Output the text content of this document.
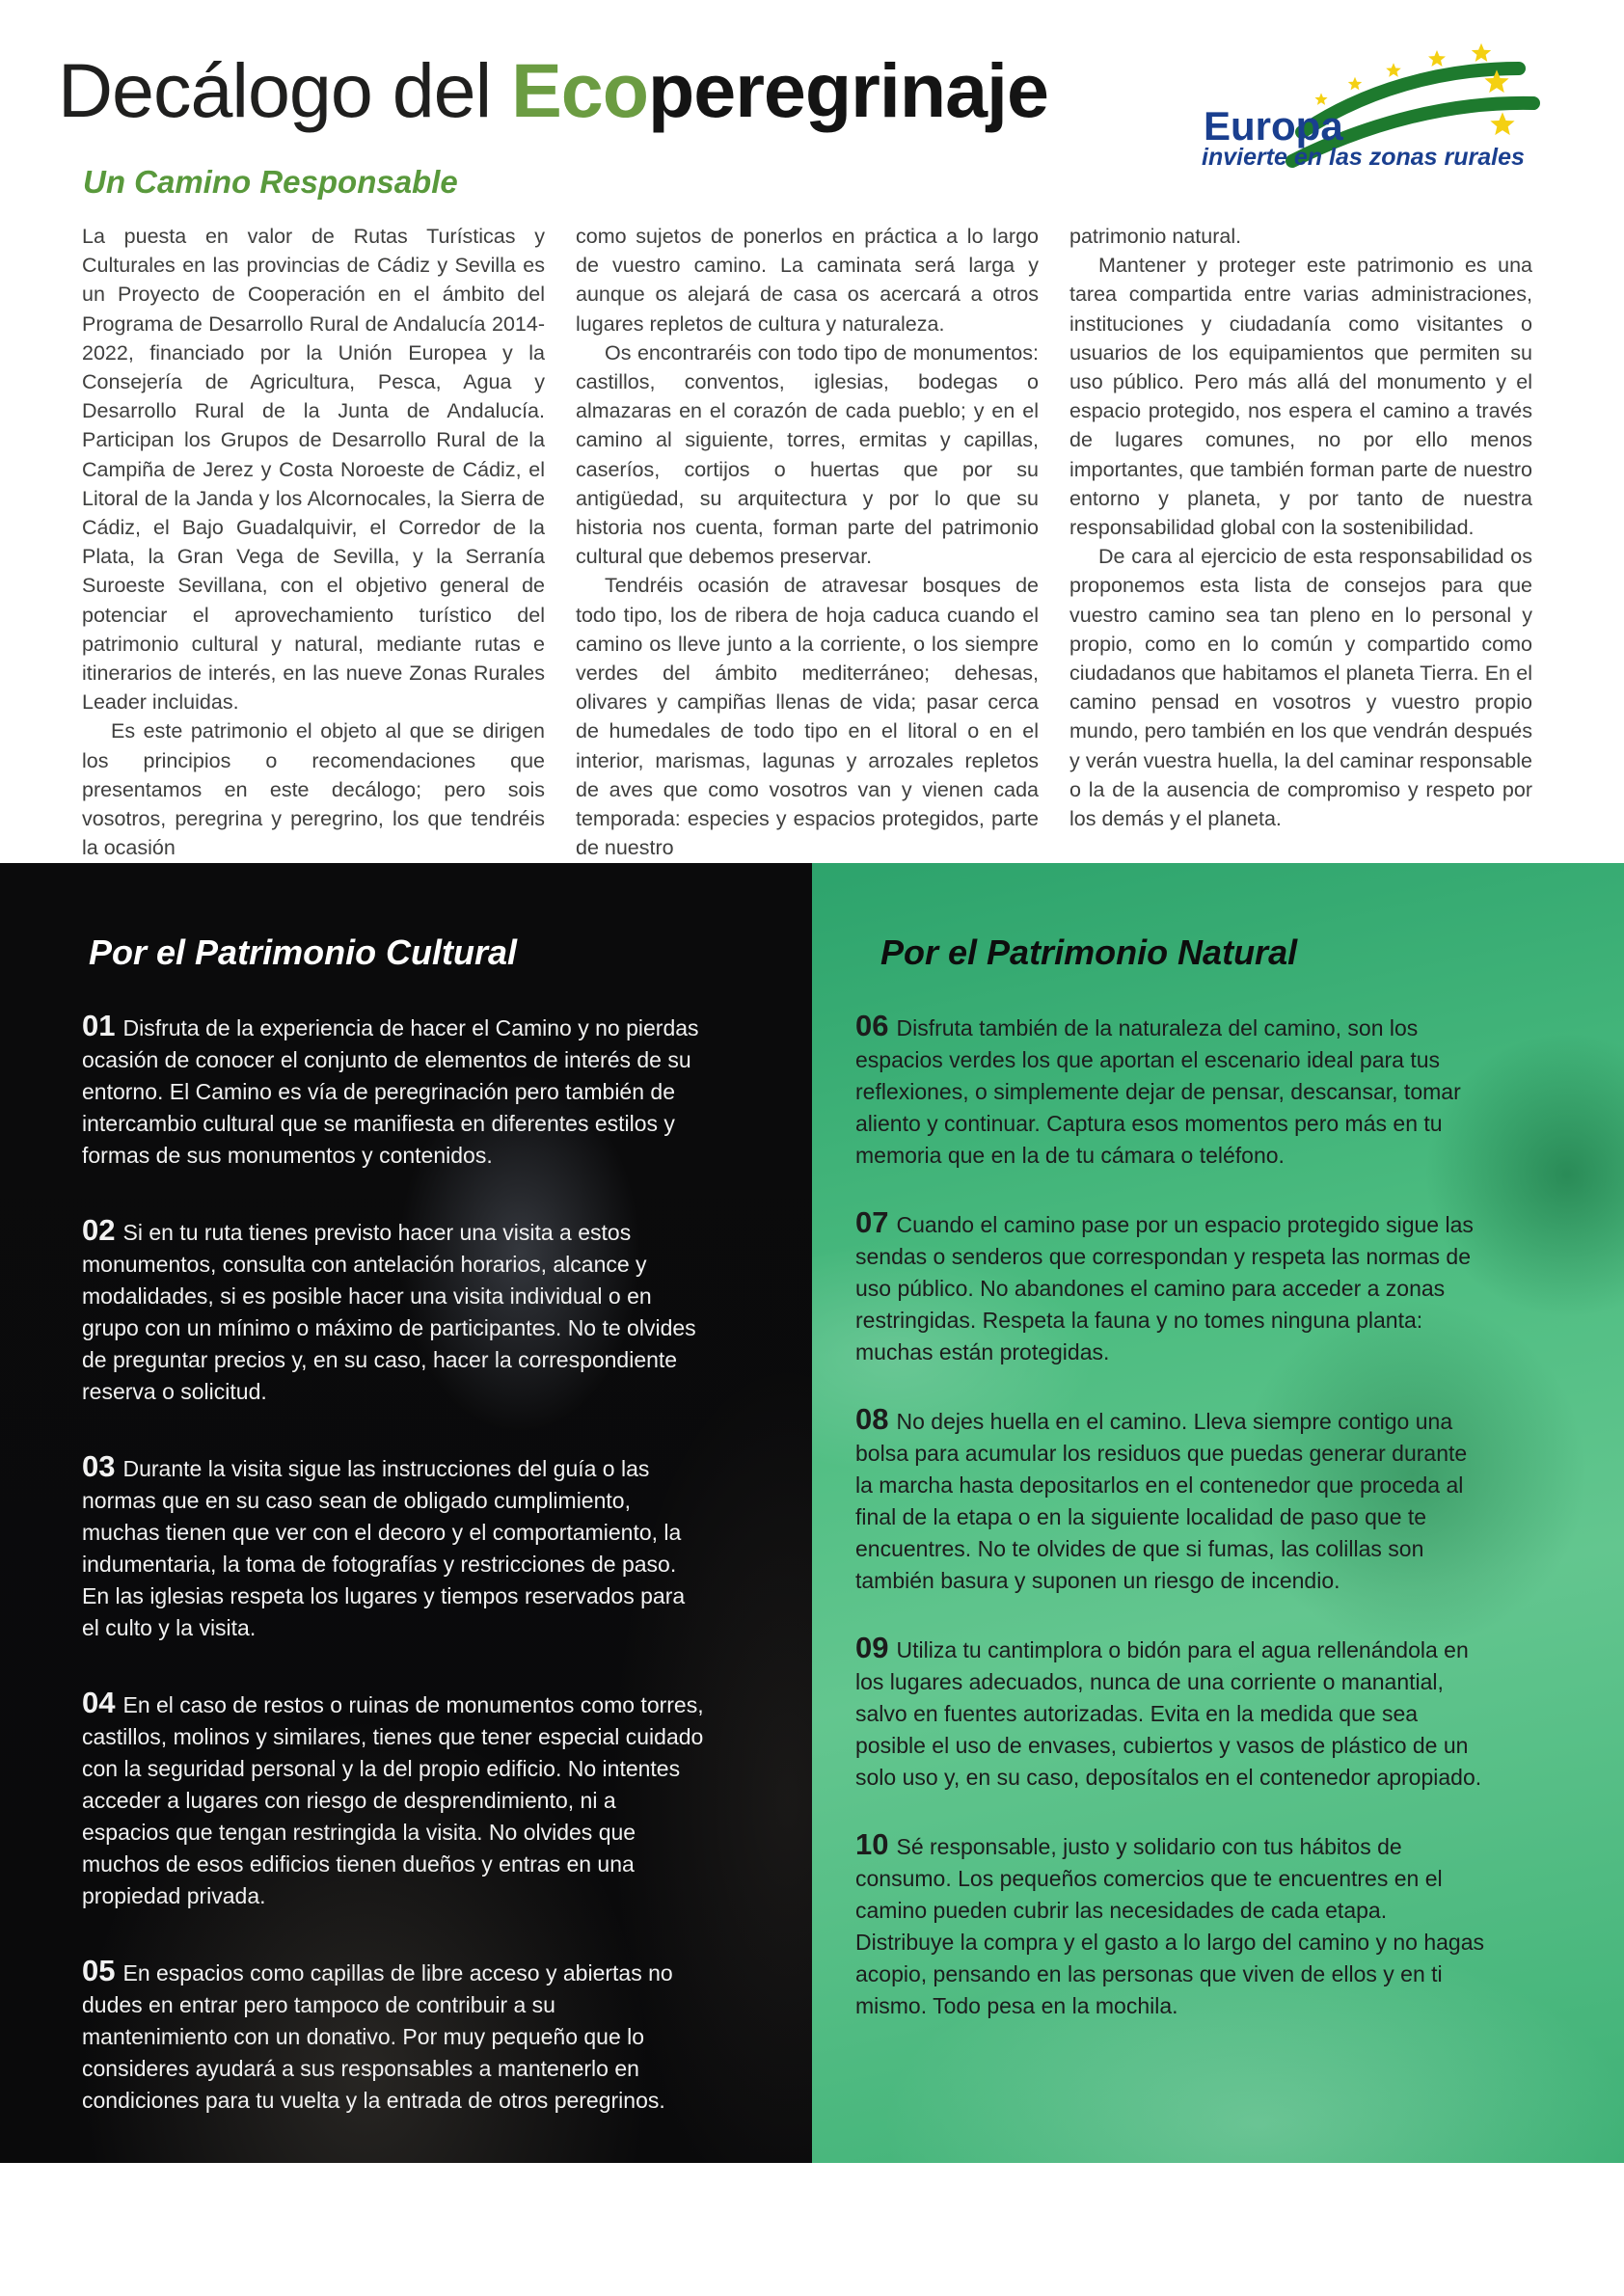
Decálogo del Ecoperegrinaje	Europa
invierte en las zonas rurales
Un Camino Responsable

La puesta en valor de Rutas Turísticas y Culturales en las provincias de Cádiz y Sevilla es un Proyecto de Cooperación en el ámbito del Programa de Desarrollo Rural de Andalucía 2014-2022, financiado por la Unión Europea y la Consejería de Agricultura, Pesca, Agua y Desarrollo Rural de la Junta de Andalucía. Participan los Grupos de Desarrollo Rural de la Campiña de Jerez y Costa Noroeste de Cádiz, el Litoral de la Janda y los Alcornocales, la Sierra de Cádiz, el Bajo Guadalquivir, el Corredor de la Plata, la Gran Vega de Sevilla, y la Serranía Suroeste Sevillana, con el objetivo general de potenciar el aprovechamiento turístico del patrimonio cultural y natural, mediante rutas e itinerarios de interés, en las nueve Zonas Rurales Leader incluidas.

Es este patrimonio el objeto al que se dirigen los principios o recomendaciones que presentamos en este decálogo; pero sois vosotros, peregrina y peregrino, los que tendréis la ocasión

como sujetos de ponerlos en práctica a lo largo de vuestro camino. La caminata será larga y aunque os alejará de casa os acercará a otros lugares repletos de cultura y naturaleza.

Os encontraréis con todo tipo de monumentos: castillos, conventos, iglesias, bodegas o almazaras en el corazón de cada pueblo; y en el camino al siguiente, torres, ermitas y capillas, caseríos, cortijos o huertas que por su antigüedad, su arquitectura y por lo que su historia nos cuenta, forman parte del patrimonio cultural que debemos preservar.

Tendréis ocasión de atravesar bosques de todo tipo, los de ribera de hoja caduca cuando el camino os lleve junto a la corriente, o los siempre verdes del ámbito mediterráneo; dehesas, olivares y campiñas llenas de vida; pasar cerca de humedales de todo tipo en el litoral o en el interior, marismas, lagunas y arrozales repletos de aves que como vosotros van y vienen cada temporada: especies y espacios protegidos, parte de nuestro

patrimonio natural.

Mantener y proteger este patrimonio es una tarea compartida entre varias administraciones, instituciones y ciudadanía como visitantes o usuarios de los equipamientos que permiten su uso público. Pero más allá del monumento y el espacio protegido, nos espera el camino a través de lugares comunes, no por ello menos importantes, que también forman parte de nuestro entorno y planeta, y por tanto de nuestra responsabilidad global con la sostenibilidad.

De cara al ejercicio de esta responsabilidad os proponemos esta lista de consejos para que vuestro camino sea tan pleno en lo personal y propio, como en lo común y compartido como ciudadanos que habitamos el planeta Tierra. En el camino pensad en vosotros y vuestro propio mundo, pero también en los que vendrán después y verán vuestra huella, la del caminar responsable o la de la ausencia de compromiso y respeto por los demás y el planeta.

Por el Patrimonio Cultural

01 Disfruta de la experiencia de hacer el Camino y no pierdas ocasión de conocer el conjunto de elementos de interés de su entorno. El Camino es vía de peregrinación pero también de intercambio cultural que se manifiesta en diferentes estilos y formas de sus monumentos y contenidos.

02 Si en tu ruta tienes previsto hacer una visita a estos monumentos, consulta con antelación horarios, alcance y modalidades, si es posible hacer una visita individual o en grupo con un mínimo o máximo de participantes. No te olvides de preguntar precios y, en su caso, hacer la correspondiente reserva o solicitud.

03 Durante la visita sigue las instrucciones del guía o las normas que en su caso sean de obligado cumplimiento, muchas tienen que ver con el decoro y el comportamiento, la indumentaria, la toma de fotografías y restricciones de paso. En las iglesias respeta los lugares y tiempos reservados para el culto y la visita.

04 En el caso de restos o ruinas de monumentos como torres, castillos, molinos y similares, tienes que tener especial cuidado con la seguridad personal y la del propio edificio. No intentes acceder a lugares con riesgo de desprendimiento, ni a espacios que tengan restringida la visita. No olvides que muchos de esos edificios tienen dueños y entras en una propiedad privada.

05 En espacios como capillas de libre acceso y abiertas no dudes en entrar pero tampoco de contribuir a su mantenimiento con un donativo. Por muy pequeño que lo consideres ayudará a sus responsables a mantenerlo en condiciones para tu vuelta y la entrada de otros peregrinos.

Por el Patrimonio Natural

06 Disfruta también de la naturaleza del camino, son los espacios verdes los que aportan el escenario ideal para tus reflexiones, o simplemente dejar de pensar, descansar, tomar aliento y continuar. Captura esos momentos pero más en tu memoria que en la de tu cámara o teléfono.

07 Cuando el camino pase por un espacio protegido sigue las sendas o senderos que correspondan y respeta las normas de uso público. No abandones el camino para acceder a zonas restringidas. Respeta la fauna y no tomes ninguna planta: muchas están protegidas.

08 No dejes huella en el camino. Lleva siempre contigo una bolsa para acumular los residuos que puedas generar durante la marcha hasta depositarlos en el contenedor que proceda al final de la etapa o en la siguiente localidad de paso que te encuentres. No te olvides de que si fumas, las colillas son también basura y suponen un riesgo de incendio.

09 Utiliza tu cantimplora o bidón para el agua rellenándola en los lugares adecuados, nunca de una corriente o manantial, salvo en fuentes autorizadas. Evita en la medida que sea posible el uso de envases, cubiertos y vasos de plástico de un solo uso y, en su caso, deposítalos en el contenedor apropiado.

10 Sé responsable, justo y solidario con tus hábitos de consumo. Los pequeños comercios que te encuentres en el camino pueden cubrir las necesidades de cada etapa. Distribuye la compra y el gasto a lo largo del camino y no hagas acopio, pensando en las personas que viven de ellos y en ti mismo. Todo pesa en la mochila.
